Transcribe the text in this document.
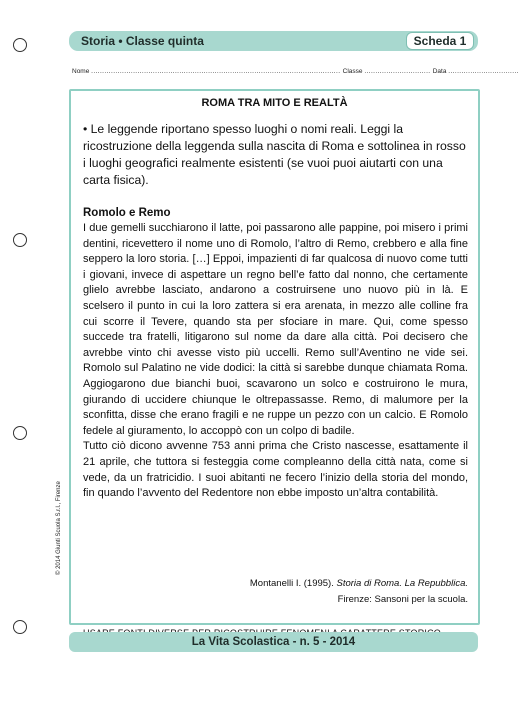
Storia • Classe quinta	Scheda 1
Nome ................................................................................................................. Classe .............................. Data ................................
ROMA TRA MITO E REALTÀ
• Le leggende riportano spesso luoghi o nomi reali. Leggi la ricostruzione della leggenda sulla nascita di Roma e sottolinea in rosso i luoghi geografici realmente esistenti (se vuoi puoi aiutarti con una carta fisica).
Romolo e Remo

I due gemelli succhiarono il latte, poi passarono alle pappine, poi misero i primi dentini, ricevettero il nome uno di Romolo, l’altro di Remo, crebbero e alla fine seppero la loro storia. […] Eppoi, impazienti di far qualcosa di nuovo come tutti i giovani, invece di aspettare un regno bell’e fatto dal nonno, che certamente glielo avrebbe lasciato, andarono a costruirsene uno nuovo più in là. E scelsero il punto in cui la loro zattera si era arenata, in mezzo alle colline fra cui scorre il Tevere, quando sta per sfociare in mare. Qui, come spesso succede tra fratelli, litigarono sul nome da dare alla città. Poi decisero che avrebbe vinto chi avesse visto più uccelli. Remo sull’Aventino ne vide sei. Romolo sul Palatino ne vide dodici: la città si sarebbe dunque chiamata Roma. Aggiogarono due bianchi buoi, scavarono un solco e costruirono le mura, giurando di uccidere chiunque le oltrepassasse. Remo, di malumore per la sconfitta, disse che erano fragili e ne ruppe un pezzo con un calcio. E Romolo fedele al giuramento, lo accoppò con un colpo di badile.

Tutto ciò dicono avvenne 753 anni prima che Cristo nascesse, esattamente il 21 aprile, che tuttora si festeggia come compleanno della città nata, come si vede, da un fratricidio. I suoi abitanti ne fecero l’inizio della storia del mondo, fin quando l’avvento del Redentore non ebbe imposto un’altra contabilità.

Montanelli I. (1995). Storia di Roma. La Repubblica.
Firenze: Sansoni per la scuola.
© 2014 Giunti Scuola S.r.l., Firenze
La Vita Scolastica - n. 5 - 2014
